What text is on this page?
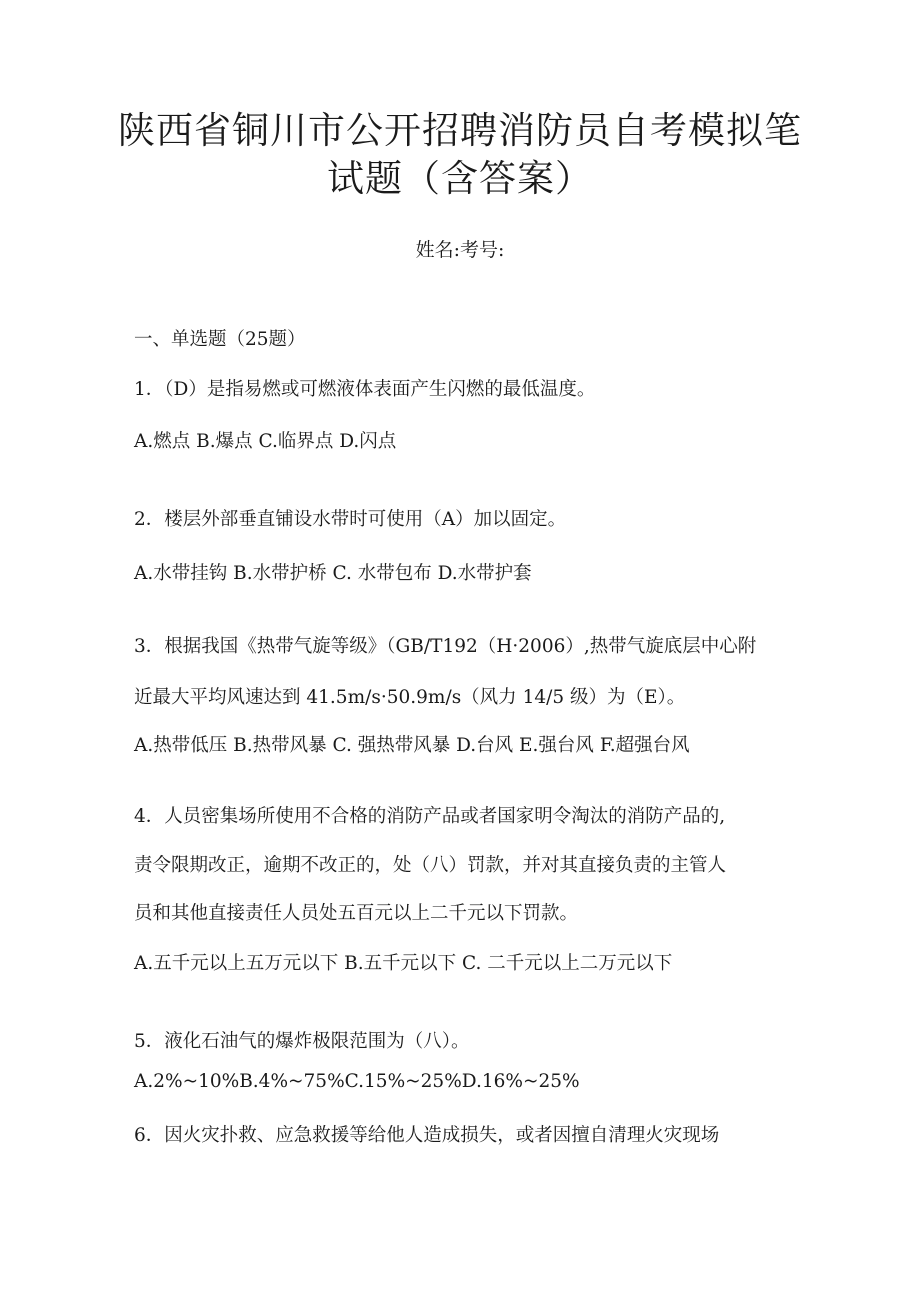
陕西省铜川市公开招聘消防员自考模拟笔
试题（含答案）
姓名:考号:
一、单选题（25题）
1．（D）是指易燃或可燃液体表面产生闪燃的最低温度。
A.燃点 B.爆点 C.临界点 D.闪点
2．楼层外部垂直铺设水带时可使用（A）加以固定。
A.水带挂钩 B.水带护桥 C. 水带包布 D.水带护套
3．根据我国《热带气旋等级》（GB/T192（H·2006）,热带气旋底层中心附
近最大平均风速达到 41.5m/s·50.9m/s（风力 14/5 级）为（E）。
A.热带低压 B.热带风暴 C. 强热带风暴 D.台风 E.强台风 F.超强台风
4．人员密集场所使用不合格的消防产品或者国家明令淘汰的消防产品的,
责令限期改正，逾期不改正的，处（八）罚款，并对其直接负责的主管人
员和其他直接责任人员处五百元以上二千元以下罚款。
A.五千元以上五万元以下 B.五千元以下 C. 二千元以上二万元以下
5．液化石油气的爆炸极限范围为（八）。
A.2%~10%B.4%~75%C.15%~25%D.16%~25%
6．因火灾扑救、应急救援等给他人造成损失，或者因擅自清理火灾现场
